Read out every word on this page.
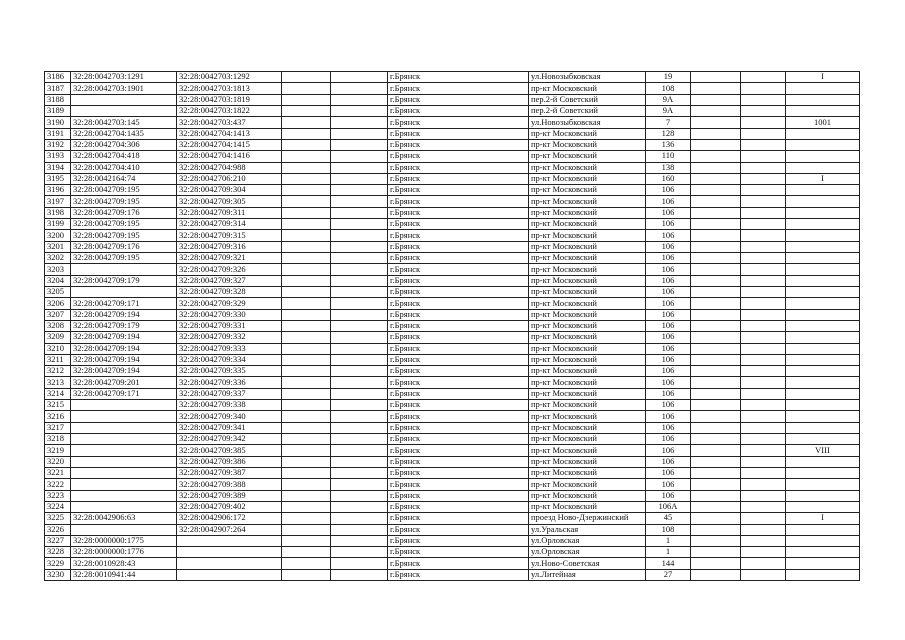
3186	32:28:0042703:1291	32:28:0042703:1292			г.Брянск	ул.Новозыбковская	19			I
3187	32:28:0042703:1901	32:28:0042703:1813			г.Брянск	пр-кт Московский	108			
3188		32:28:0042703:1819			г.Брянск	пер.2-й Советский	9А			
3189		32:28:0042703:1822			г.Брянск	пер.2-й Советский	9А			
3190	32:28:0042703:145	32:28:0042703:437			г.Брянск	ул.Новозыбковская	7			1001
3191	32:28:0042704:1435	32:28:0042704:1413			г.Брянск	пр-кт Московский	128			
3192	32:28:0042704:306	32:28:0042704:1415			г.Брянск	пр-кт Московский	136			
3193	32:28:0042704:418	32:28:0042704:1416			г.Брянск	пр-кт Московский	110			
3194	32:28:0042704:410	32:28:0042704:988			г.Брянск	пр-кт Московский	138			
3195	32:28:0042164:74	32:28:0042706:210			г.Брянск	пр-кт Московский	160			I
3196	32:28:0042709:195	32:28:0042709:304			г.Брянск	пр-кт Московский	106			
3197	32:28:0042709:195	32:28:0042709:305			г.Брянск	пр-кт Московский	106			
3198	32:28:0042709:176	32:28:0042709:311			г.Брянск	пр-кт Московский	106			
3199	32:28:0042709:195	32:28:0042709:314			г.Брянск	пр-кт Московский	106			
3200	32:28:0042709:195	32:28:0042709:315			г.Брянск	пр-кт Московский	106			
3201	32:28:0042709:176	32:28:0042709:316			г.Брянск	пр-кт Московский	106			
3202	32:28:0042709:195	32:28:0042709:321			г.Брянск	пр-кт Московский	106			
3203		32:28:0042709:326			г.Брянск	пр-кт Московский	106			
3204	32:28:0042709:179	32:28:0042709:327			г.Брянск	пр-кт Московский	106			
3205		32:28:0042709:328			г.Брянск	пр-кт Московский	106			
3206	32:28:0042709:171	32:28:0042709:329			г.Брянск	пр-кт Московский	106			
3207	32:28:0042709:194	32:28:0042709:330			г.Брянск	пр-кт Московский	106			
3208	32:28:0042709:179	32:28:0042709:331			г.Брянск	пр-кт Московский	106			
3209	32:28:0042709:194	32:28:0042709:332			г.Брянск	пр-кт Московский	106			
3210	32:28:0042709:194	32:28:0042709:333			г.Брянск	пр-кт Московский	106			
3211	32:28:0042709:194	32:28:0042709:334			г.Брянск	пр-кт Московский	106			
3212	32:28:0042709:194	32:28:0042709:335			г.Брянск	пр-кт Московский	106			
3213	32:28:0042709:201	32:28:0042709:336			г.Брянск	пр-кт Московский	106			
3214	32:28:0042709:171	32:28:0042709:337			г.Брянск	пр-кт Московский	106			
3215		32:28:0042709:338			г.Брянск	пр-кт Московский	106			
3216		32:28:0042709:340			г.Брянск	пр-кт Московский	106			
3217		32:28:0042709:341			г.Брянск	пр-кт Московский	106			
3218		32:28:0042709:342			г.Брянск	пр-кт Московский	106			
3219		32:28:0042709:385			г.Брянск	пр-кт Московский	106			VIII
3220		32:28:0042709:386			г.Брянск	пр-кт Московский	106			
3221		32:28:0042709:387			г.Брянск	пр-кт Московский	106			
3222		32:28:0042709:388			г.Брянск	пр-кт Московский	106			
3223		32:28:0042709:389			г.Брянск	пр-кт Московский	106			
3224		32:28:0042709:402			г.Брянск	пр-кт Московский	106А			
3225	32:28:0042906:63	32:28:0042906:172			г.Брянск	проезд Ново-Дзержинский	45			I
3226		32:28:0042907:264			г.Брянск	ул.Уральская	108			
3227	32:28:0000000:1775				г.Брянск	ул.Орловская	1			
3228	32:28:0000000:1776				г.Брянск	ул.Орловская	1			
3229	32:28:0010928:43				г.Брянск	ул.Ново-Советская	144			
3230	32:28:0010941:44				г.Брянск	ул.Литейная	27			
